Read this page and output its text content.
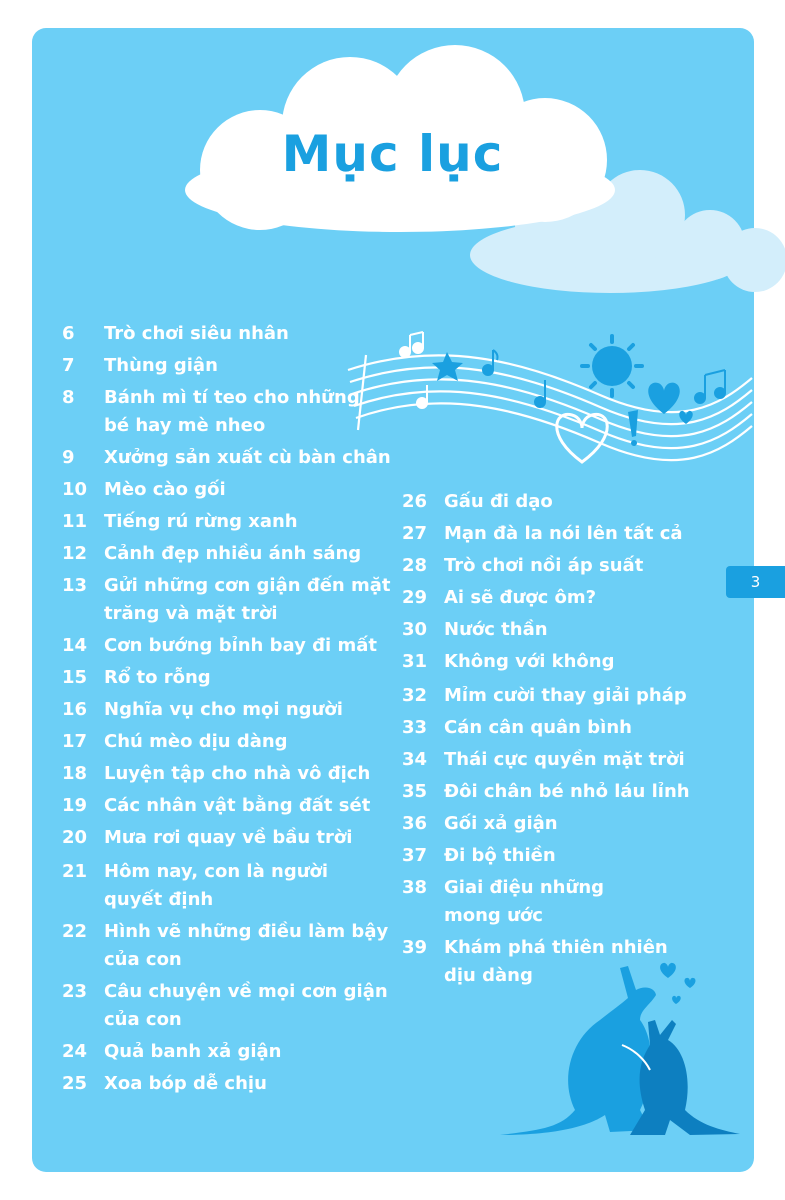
Mục lục
3
6	Trò chơi siêu nhân
7	Thùng giận
8	Bánh mì tí teo cho những
bé hay mè nheo
9	Xưởng sản xuất cù bàn chân
10 Mèo cào gối
11 Tiếng rú rừng xanh
12 Cảnh đẹp nhiều ánh sáng
13 Gửi những cơn giận đến mặt
trăng và mặt trời
14 Cơn bướng bỉnh bay đi mất
15 Rổ to rỗng
16 Nghĩa vụ cho mọi người
17 Chú mèo dịu dàng
18 Luyện tập cho nhà vô địch
19 Các nhân vật bằng đất sét
20 Mưa rơi quay về bầu trời
21 Hôm nay, con là người
quyết định
22 Hình vẽ những điều làm bậy
của con
23 Câu chuyện về mọi cơn giận
của con
24 Quả banh xả giận
25 Xoa bóp dễ chịu
26 Gấu đi dạo
27 Mạn đà la nói lên tất cả
28 Trò chơi nồi áp suất
29 Ai sẽ được ôm?
30 Nước thần
31 Không với không
32 Mỉm cười thay giải pháp
33 Cán cân quân bình
34 Thái cực quyền mặt trời
35 Đôi chân bé nhỏ láu lỉnh
36 Gối xả giận
37 Đi bộ thiền
38 Giai điệu những
mong ước
39 Khám phá thiên nhiên
dịu dàng
